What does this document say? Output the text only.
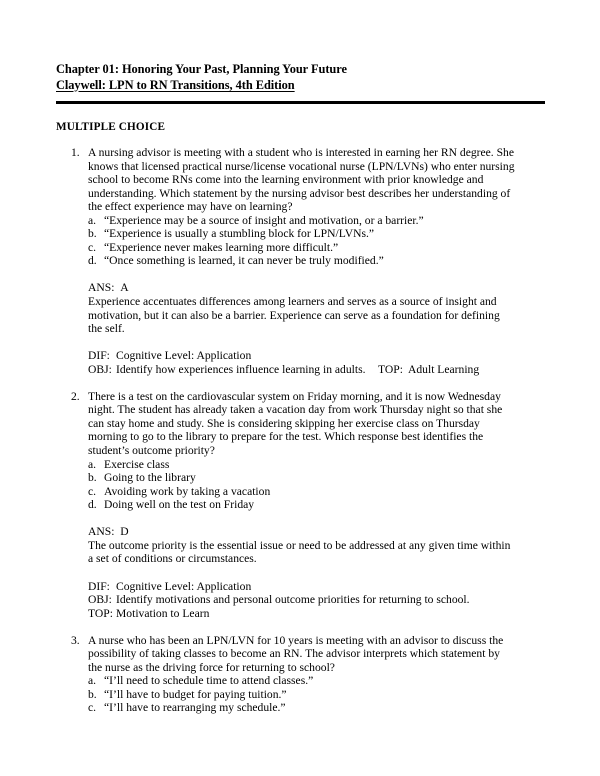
Chapter 01: Honoring Your Past, Planning Your Future
Claywell: LPN to RN Transitions, 4th Edition
MULTIPLE CHOICE
1. A nursing advisor is meeting with a student who is interested in earning her RN degree. She knows that licensed practical nurse/license vocational nurse (LPN/LVNs) who enter nursing school to become RNs come into the learning environment with prior knowledge and understanding. Which statement by the nursing advisor best describes her understanding of the effect experience may have on learning?
a. “Experience may be a source of insight and motivation, or a barrier.”
b. “Experience is usually a stumbling block for LPN/LVNs.”
c. “Experience never makes learning more difficult.”
d. “Once something is learned, it can never be truly modified.”
ANS: A
Experience accentuates differences among learners and serves as a source of insight and motivation, but it can also be a barrier. Experience can serve as a foundation for defining the self.
DIF: Cognitive Level: Application
OBJ: Identify how experiences influence learning in adults. TOP: Adult Learning
2. There is a test on the cardiovascular system on Friday morning, and it is now Wednesday night. The student has already taken a vacation day from work Thursday night so that she can stay home and study. She is considering skipping her exercise class on Thursday morning to go to the library to prepare for the test. Which response best identifies the student’s outcome priority?
a. Exercise class
b. Going to the library
c. Avoiding work by taking a vacation
d. Doing well on the test on Friday
ANS: D
The outcome priority is the essential issue or need to be addressed at any given time within a set of conditions or circumstances.
DIF: Cognitive Level: Application
OBJ: Identify motivations and personal outcome priorities for returning to school.
TOP: Motivation to Learn
3. A nurse who has been an LPN/LVN for 10 years is meeting with an advisor to discuss the possibility of taking classes to become an RN. The advisor interprets which statement by the nurse as the driving force for returning to school?
a. “I’ll need to schedule time to attend classes.”
b. “I’ll have to budget for paying tuition.”
c. “I’ll have to rearranging my schedule.”
